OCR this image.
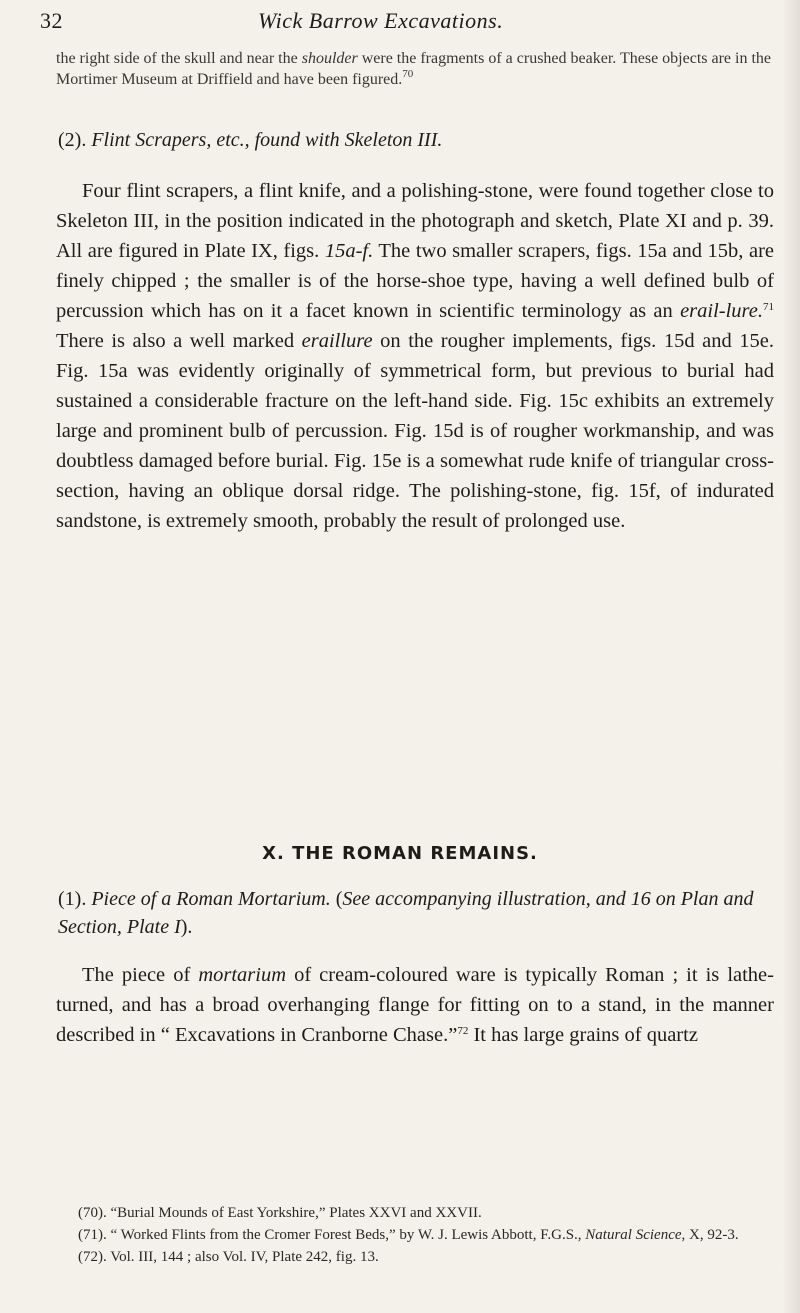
32	Wick Barrow Excavations.
the right side of the skull and near the shoulder were the fragments of a crushed beaker. These objects are in the Mortimer Museum at Driffield and have been figured.$^{70}$
(2). Flint Scrapers, etc., found with Skeleton III.
Four flint scrapers, a flint knife, and a polishing-stone, were found together close to Skeleton III, in the position indicated in the photograph and sketch, Plate XI and p. 39. All are figured in Plate IX, figs. 15a-f. The two smaller scrapers, figs. 15a and 15b, are finely chipped ; the smaller is of the horse-shoe type, having a well defined bulb of percussion which has on it a facet known in scientific terminology as an erail-lure.$^{71}$ There is also a well marked eraillure on the rougher implements, figs. 15d and 15e. Fig. 15a was evidently originally of symmetrical form, but previous to burial had sustained a considerable fracture on the left-hand side. Fig. 15c exhibits an extremely large and prominent bulb of percussion. Fig. 15d is of rougher workmanship, and was doubtless damaged before burial. Fig. 15e is a somewhat rude knife of triangular cross-section, having an oblique dorsal ridge. The polishing-stone, fig. 15f, of indurated sandstone, is extremely smooth, probably the result of prolonged use.
X. THE ROMAN REMAINS.
(1). Piece of a Roman Mortarium. (See accompanying illustration, and 16 on Plan and Section, Plate I).
The piece of mortarium of cream-coloured ware is typically Roman ; it is lathe-turned, and has a broad overhanging flange for fitting on to a stand, in the manner described in “ Excavations in Cranborne Chase.”$^{72}$ It has large grains of quartz
(70). “Burial Mounds of East Yorkshire,” Plates XXVI and XXVII.
(71). “ Worked Flints from the Cromer Forest Beds,” by W. J. Lewis Abbott, F.G.S., Natural Science, X, 92-3.
(72). Vol. III, 144 ; also Vol. IV, Plate 242, fig. 13.
